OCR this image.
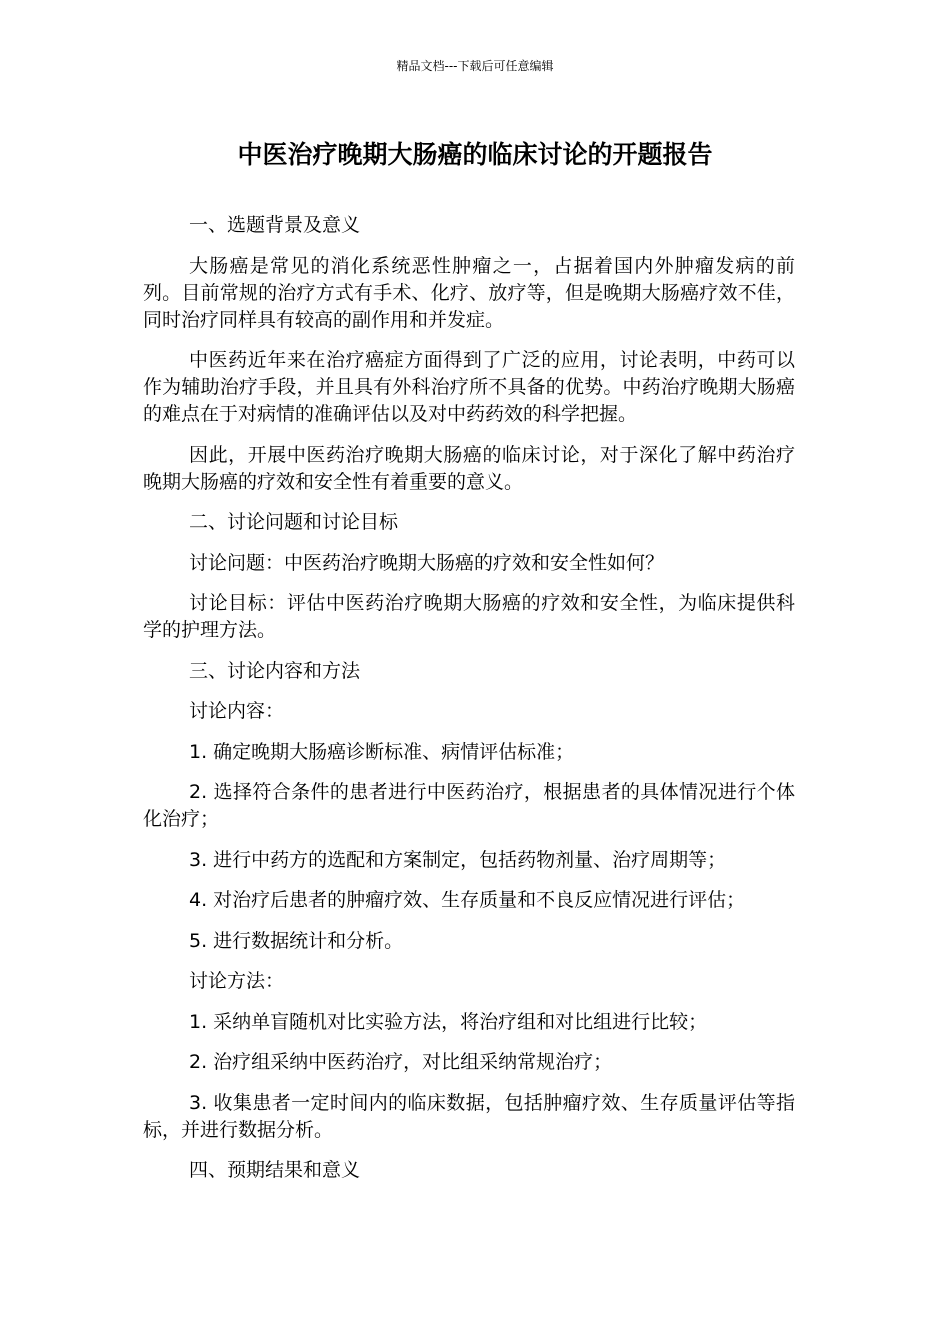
精品文档---下载后可任意编辑
中医治疗晚期大肠癌的临床讨论的开题报告

一、选题背景及意义

大肠癌是常见的消化系统恶性肿瘤之一，占据着国内外肿瘤发病的前列。目前常规的治疗方式有手术、化疗、放疗等，但是晚期大肠癌疗效不佳，同时治疗同样具有较高的副作用和并发症。

中医药近年来在治疗癌症方面得到了广泛的应用，讨论表明，中药可以作为辅助治疗手段，并且具有外科治疗所不具备的优势。中药治疗晚期大肠癌的难点在于对病情的准确评估以及对中药药效的科学把握。

因此，开展中医药治疗晚期大肠癌的临床讨论，对于深化了解中药治疗晚期大肠癌的疗效和安全性有着重要的意义。

二、讨论问题和讨论目标

讨论问题：中医药治疗晚期大肠癌的疗效和安全性如何？

讨论目标：评估中医药治疗晚期大肠癌的疗效和安全性，为临床提供科学的护理方法。

三、讨论内容和方法

讨论内容：

1. 确定晚期大肠癌诊断标准、病情评估标准；

2. 选择符合条件的患者进行中医药治疗，根据患者的具体情况进行个体化治疗；

3. 进行中药方的选配和方案制定，包括药物剂量、治疗周期等；

4. 对治疗后患者的肿瘤疗效、生存质量和不良反应情况进行评估；

5. 进行数据统计和分析。

讨论方法：

1. 采纳单盲随机对比实验方法，将治疗组和对比组进行比较；

2. 治疗组采纳中医药治疗，对比组采纳常规治疗；

3. 收集患者一定时间内的临床数据，包括肿瘤疗效、生存质量评估等指标，并进行数据分析。

四、预期结果和意义
